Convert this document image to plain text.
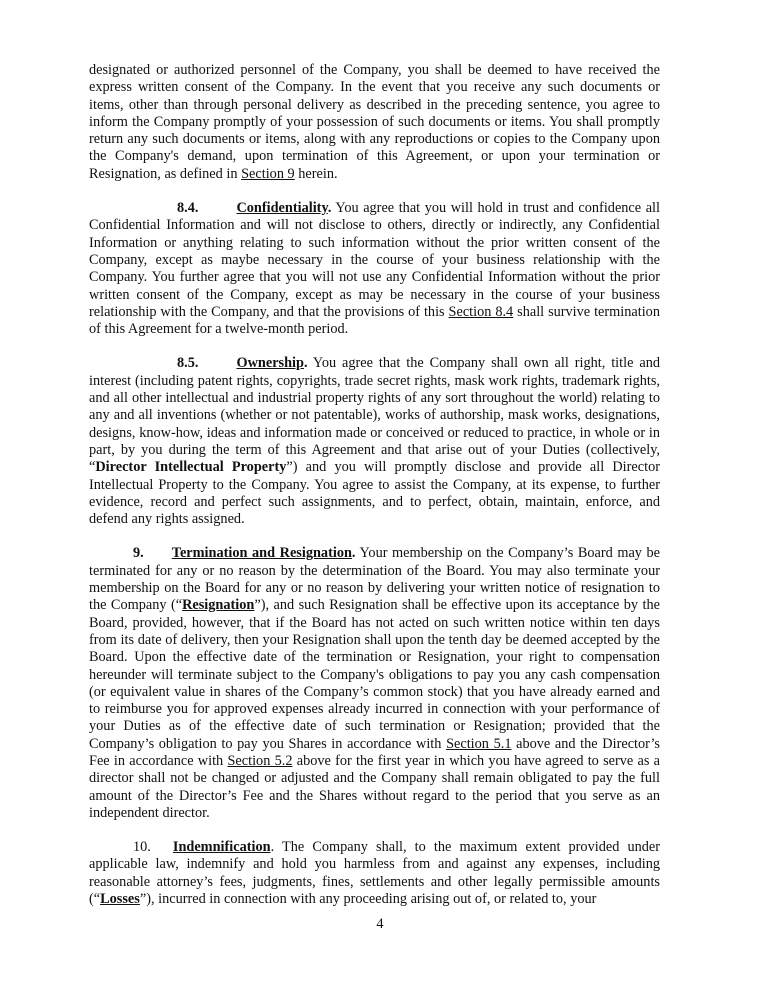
designated or authorized personnel of the Company, you shall be deemed to have received the express written consent of the Company. In the event that you receive any such documents or items, other than through personal delivery as described in the preceding sentence, you agree to inform the Company promptly of your possession of such documents or items. You shall promptly return any such documents or items, along with any reproductions or copies to the Company upon the Company's demand, upon termination of this Agreement, or upon your termination or Resignation, as defined in Section 9 herein.

8.4.	Confidentiality. You agree that you will hold in trust and confidence all Confidential Information and will not disclose to others, directly or indirectly, any Confidential Information or anything relating to such information without the prior written consent of the Company, except as maybe necessary in the course of your business relationship with the Company. You further agree that you will not use any Confidential Information without the prior written consent of the Company, except as may be necessary in the course of your business relationship with the Company, and that the provisions of this Section 8.4 shall survive termination of this Agreement for a twelve-month period.

8.5.	Ownership. You agree that the Company shall own all right, title and interest (including patent rights, copyrights, trade secret rights, mask work rights, trademark rights, and all other intellectual and industrial property rights of any sort throughout the world) relating to any and all inventions (whether or not patentable), works of authorship, mask works, designations, designs, know-how, ideas and information made or conceived or reduced to practice, in whole or in part, by you during the term of this Agreement and that arise out of your Duties (collectively, “Director Intellectual Property”) and you will promptly disclose and provide all Director Intellectual Property to the Company. You agree to assist the Company, at its expense, to further evidence, record and perfect such assignments, and to perfect, obtain, maintain, enforce, and defend any rights assigned.

9. Termination and Resignation. Your membership on the Company’s Board may be terminated for any or no reason by the determination of the Board. You may also terminate your membership on the Board for any or no reason by delivering your written notice of resignation to the Company (“Resignation”), and such Resignation shall be effective upon its acceptance by the Board, provided, however, that if the Board has not acted on such written notice within ten days from its date of delivery, then your Resignation shall upon the tenth day be deemed accepted by the Board. Upon the effective date of the termination or Resignation, your right to compensation hereunder will terminate subject to the Company's obligations to pay you any cash compensation (or equivalent value in shares of the Company’s common stock) that you have already earned and to reimburse you for approved expenses already incurred in connection with your performance of your Duties as of the effective date of such termination or Resignation; provided that the Company’s obligation to pay you Shares in accordance with Section 5.1 above and the Director’s Fee in accordance with Section 5.2 above for the first year in which you have agreed to serve as a director shall not be changed or adjusted and the Company shall remain obligated to pay the full amount of the Director’s Fee and the Shares without regard to the period that you serve as an independent director.

10. Indemnification. The Company shall, to the maximum extent provided under applicable law, indemnify and hold you harmless from and against any expenses, including reasonable attorney’s fees, judgments, fines, settlements and other legally permissible amounts (“Losses”), incurred in connection with any proceeding arising out of, or related to, your

4
